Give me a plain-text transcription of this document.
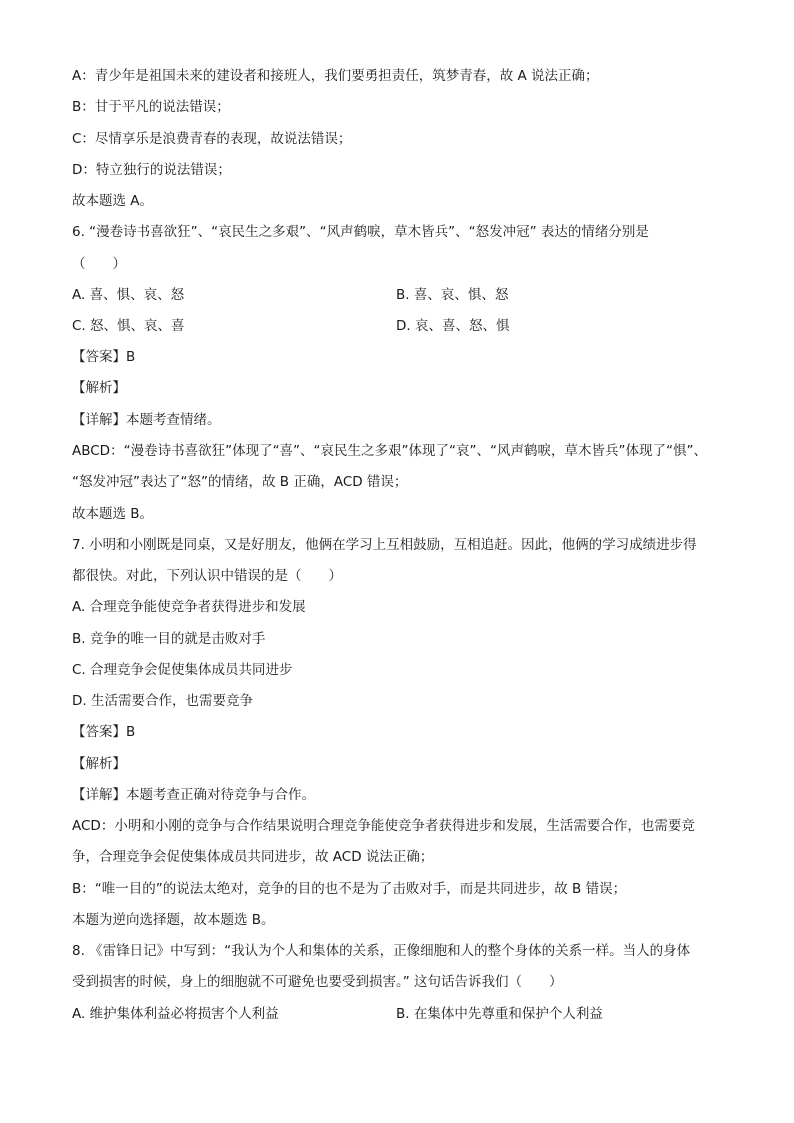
A：青少年是祖国未来的建设者和接班人，我们要勇担责任，筑梦青春，故 A 说法正确；
B：甘于平凡的说法错误；
C：尽情享乐是浪费青春的表现，故说法错误；
D：特立独行的说法错误；
故本题选 A。
6. “漫卷诗书喜欲狂”、“哀民生之多艰”、“风声鹤唳，草木皆兵”、“怒发冲冠” 表达的情绪分别是
（　　）
A. 喜、惧、哀、怒	B. 喜、哀、惧、怒
C. 怒、惧、哀、喜	D. 哀、喜、怒、惧
【答案】B
【解析】
【详解】本题考查情绪。
ABCD：“漫卷诗书喜欲狂”体现了“喜”、“哀民生之多艰”体现了“哀”、“风声鹤唳，草木皆兵”体现了“惧”、
“怒发冲冠”表达了“怒”的情绪，故 B 正确，ACD 错误；
故本题选 B。
7. 小明和小刚既是同桌，又是好朋友，他俩在学习上互相鼓励，互相追赶。因此，他俩的学习成绩进步得
都很快。对此，下列认识中错误的是（　　）
A. 合理竞争能使竞争者获得进步和发展
B. 竞争的唯一目的就是击败对手
C. 合理竞争会促使集体成员共同进步
D. 生活需要合作，也需要竞争
【答案】B
【解析】
【详解】本题考查正确对待竞争与合作。
ACD：小明和小刚的竞争与合作结果说明合理竞争能使竞争者获得进步和发展，生活需要合作，也需要竞
争，合理竞争会促使集体成员共同进步，故 ACD 说法正确；
B：“唯一目的”的说法太绝对，竞争的目的也不是为了击败对手，而是共同进步，故 B 错误；
本题为逆向选择题，故本题选 B。
8. 《雷锋日记》中写到：“我认为个人和集体的关系，正像细胞和人的整个身体的关系一样。当人的身体
受到损害的时候，身上的细胞就不可避免也要受到损害。” 这句话告诉我们（　　）
A. 维护集体利益必将损害个人利益	B. 在集体中先尊重和保护个人利益
